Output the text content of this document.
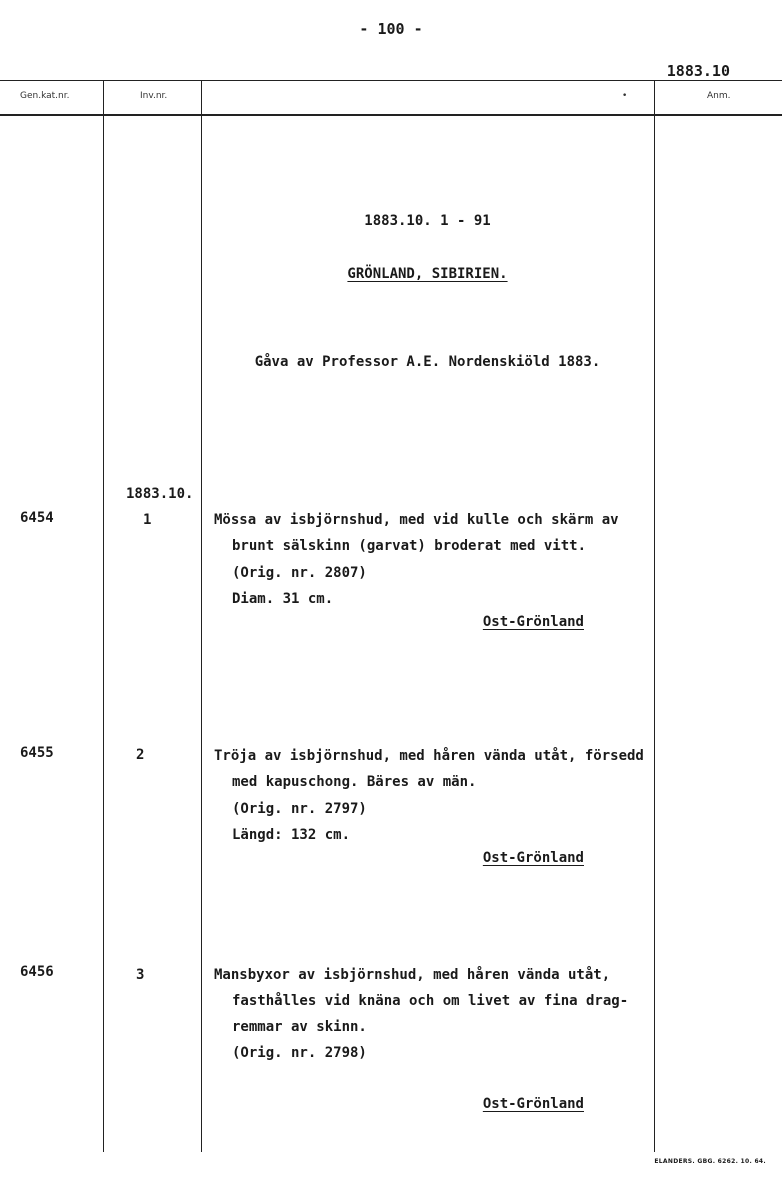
- 100 -
1883.10
Gen.kat.nr.	Inv.nr.	•	Anm.
1883.10. 1 - 91
GRÖNLAND, SIBIRIEN.
Gåva av Professor A.E. Nordenskiöld 1883.
1883.10.
6454	1	Mössa av isbjörnshud, med vid kulle och skärm av
brunt sälskinn (garvat) broderat med vitt.
(Orig. nr. 2807)
Diam. 31 cm.
Ost-Grönland
6455	2	Tröja av isbjörnshud, med håren vända utåt, försedd
med kapuschong. Bäres av män.
(Orig. nr. 2797)
Längd: 132 cm.
Ost-Grönland
6456	3	Mansbyxor av isbjörnshud, med håren vända utåt,
fasthålles vid knäna och om livet av fina drag-
remmar av skinn.
(Orig. nr. 2798)
Ost-Grönland
ELANDERS. GBG. 6262. 10. 64.
